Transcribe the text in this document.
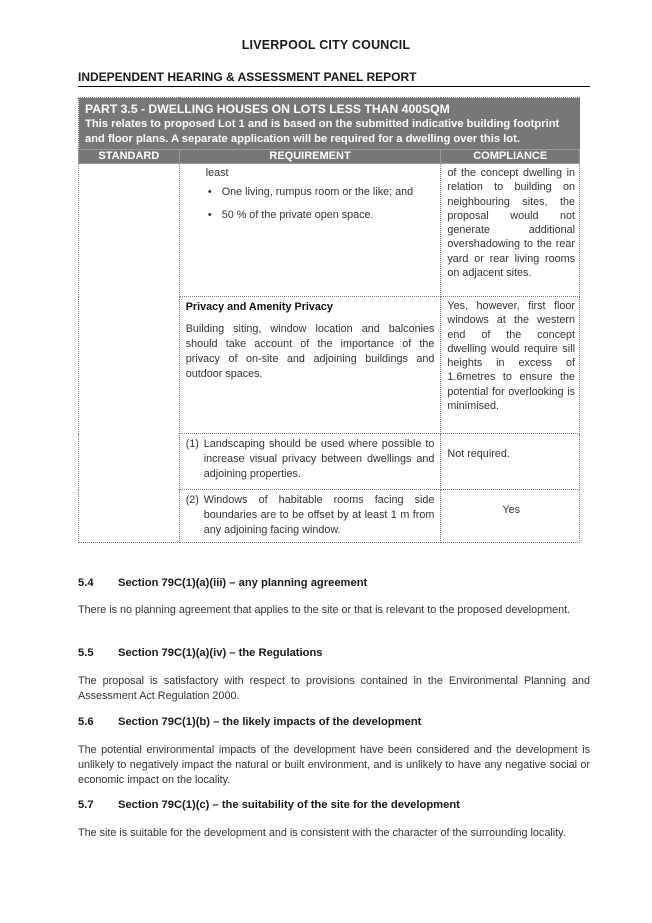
LIVERPOOL CITY COUNCIL
INDEPENDENT HEARING & ASSESSMENT PANEL REPORT
PART 3.5 - DWELLING HOUSES ON LOTS LESS THAN 400SQM
This relates to proposed Lot 1 and is based on the submitted indicative building footprint and floor plans. A separate application will be required for a dwelling over this lot.		

STANDARD	REQUIREMENT	COMPLIANCE

	least
• One living, rumpus room or the like; and
• 50 % of the private open space.	of the concept dwelling in relation to building on neighbouring sites, the proposal would not generate additional overshadowing to the rear yard or rear living rooms on adjacent sites.

	Privacy and Amenity Privacy
Building siting, window location and balconies should take account of the importance of the privacy of on-site and adjoining buildings and outdoor spaces.	Yes, however, first floor windows at the western end of the concept dwelling would require sill heights in excess of 1.6metres to ensure the potential for overlooking is minimised.

	(1) Landscaping should be used where possible to increase visual privacy between dwellings and adjoining properties.	Not required.

	(2) Windows of habitable rooms facing side boundaries are to be offset by at least 1 m from any adjoining facing window.	Yes
5.4 Section 79C(1)(a)(iii) – any planning agreement
There is no planning agreement that applies to the site or that is relevant to the proposed development.
5.5 Section 79C(1)(a)(iv) – the Regulations
The proposal is satisfactory with respect to provisions contained in the Environmental Planning and Assessment Act Regulation 2000.
5.6 Section 79C(1)(b) – the likely impacts of the development
The potential environmental impacts of the development have been considered and the development is unlikely to negatively impact the natural or built environment, and is unlikely to have any negative social or economic impact on the locality.
5.7 Section 79C(1)(c) – the suitability of the site for the development
The site is suitable for the development and is consistent with the character of the surrounding locality.
